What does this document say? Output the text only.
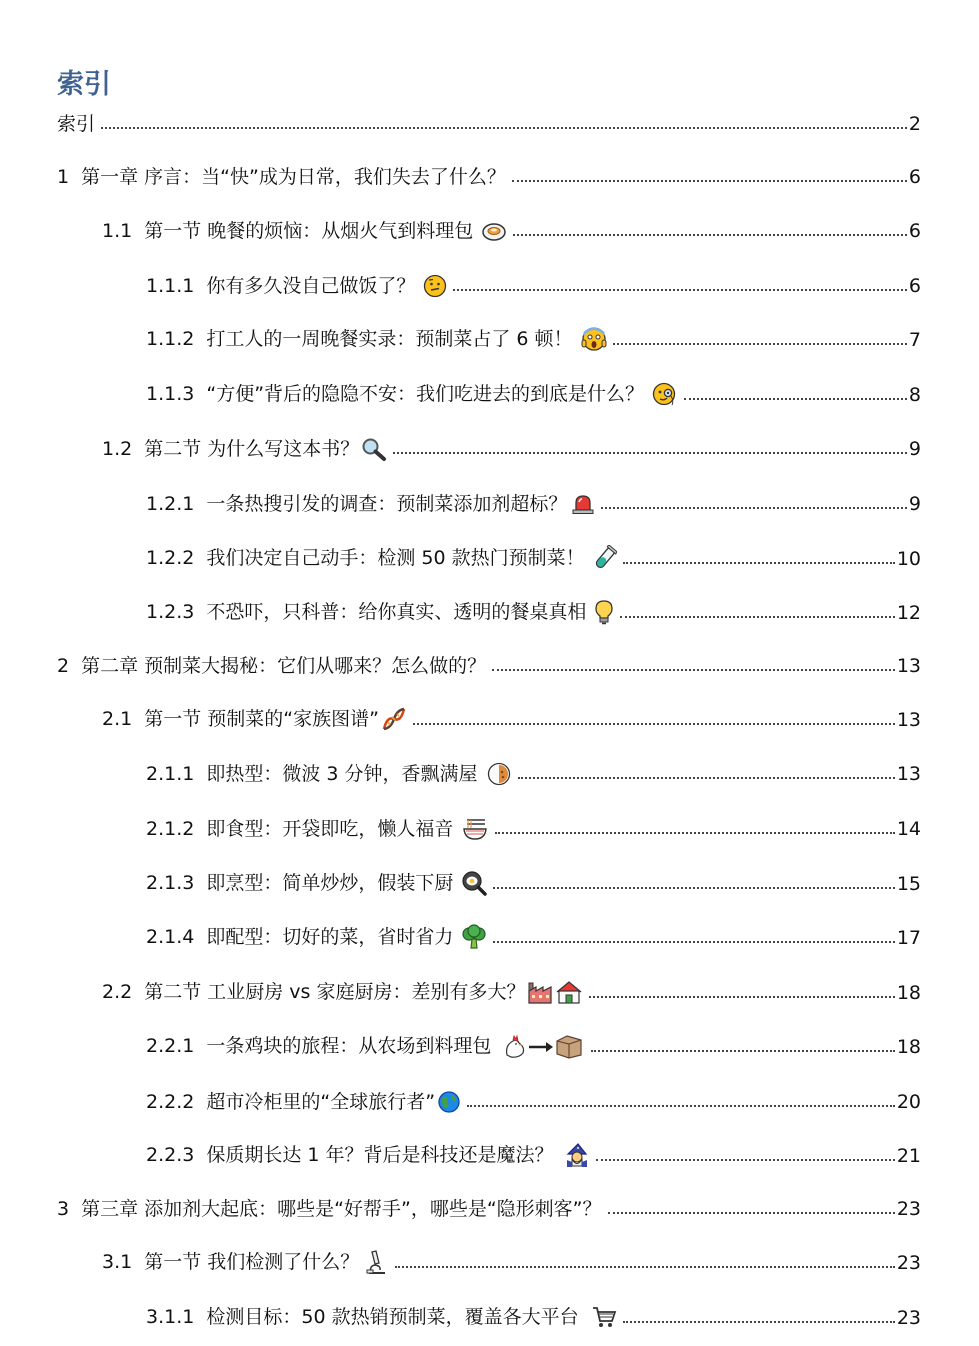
索引
索引	2
1 第一章 序言：当“快”成为日常，我们失去了什么？	6
1.1 第一节 晚餐的烦恼：从烟火气到料理包	6
1.1.1 你有多久没自己做饭了？	6
1.1.2 打工人的一周晚餐实录：预制菜占了 6 顿！	7
1.1.3 “方便”背后的隐隐不安：我们吃进去的到底是什么？	8
1.2 第二节 为什么写这本书？	9
1.2.1 一条热搜引发的调查：预制菜添加剂超标？	9
1.2.2 我们决定自己动手：检测 50 款热门预制菜！	10
1.2.3 不恐吓，只科普：给你真实、透明的餐桌真相	12
2 第二章 预制菜大揭秘：它们从哪来？怎么做的？	13
2.1 第一节 预制菜的“家族图谱”	13
2.1.1 即热型：微波 3 分钟，香飘满屋	13
2.1.2 即食型：开袋即吃，懒人福音	14
2.1.3 即烹型：简单炒炒，假装下厨	15
2.1.4 即配型：切好的菜，省时省力	17
2.2 第二节 工业厨房 vs 家庭厨房：差别有多大？	18
2.2.1 一条鸡块的旅程：从农场到料理包	18
2.2.2 超市冷柜里的“全球旅行者”	20
2.2.3 保质期长达 1 年？背后是科技还是魔法？	21
3 第三章 添加剂大起底：哪些是“好帮手”，哪些是“隐形刺客”？	23
3.1 第一节 我们检测了什么？	23
3.1.1 检测目标：50 款热销预制菜，覆盖各大平台	23
